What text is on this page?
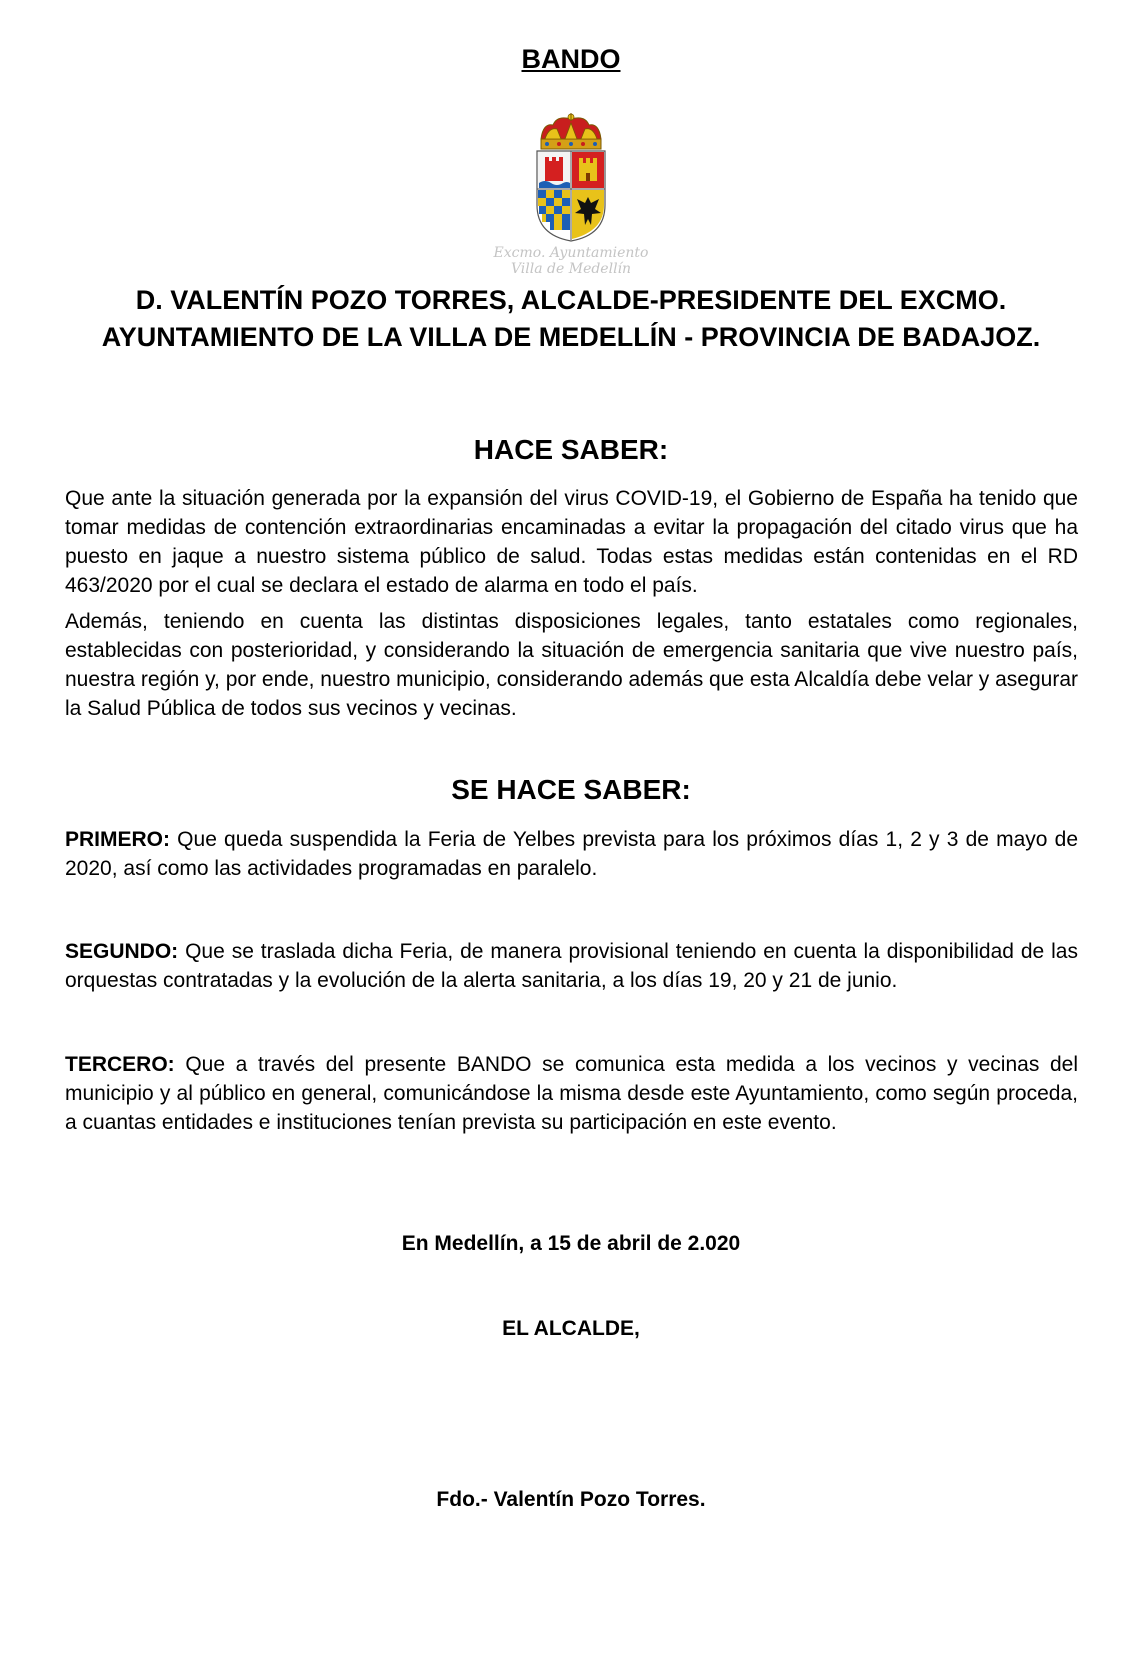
BANDO
Excmo. Ayuntamiento
Villa de Medellín
D. VALENTÍN POZO TORRES, ALCALDE-PRESIDENTE DEL EXCMO. AYUNTAMIENTO DE LA VILLA DE MEDELLÍN - PROVINCIA DE BADAJOZ.
HACE SABER:

Que ante la situación generada por la expansión del virus COVID-19, el Gobierno de España ha tenido que tomar medidas de contención extraordinarias encaminadas a evitar la propagación del citado virus que ha puesto en jaque a nuestro sistema público de salud. Todas estas medidas están contenidas en el RD 463/2020 por el cual se declara el estado de alarma en todo el país.

Además, teniendo en cuenta las distintas disposiciones legales, tanto estatales como regionales, establecidas con posterioridad, y considerando la situación de emergencia sanitaria que vive nuestro país, nuestra región y, por ende, nuestro municipio, considerando además que esta Alcaldía debe velar y asegurar la Salud Pública de todos sus vecinos y vecinas.

SE HACE SABER:

PRIMERO: Que queda suspendida la Feria de Yelbes prevista para los próximos días 1, 2 y 3 de mayo de 2020, así como las actividades programadas en paralelo.

SEGUNDO: Que se traslada dicha Feria, de manera provisional teniendo en cuenta la disponibilidad de las orquestas contratadas y la evolución de la alerta sanitaria, a los días 19, 20 y 21 de junio.

TERCERO: Que a través del presente BANDO se comunica esta medida a los vecinos y vecinas del municipio y al público en general, comunicándose la misma desde este Ayuntamiento, como según proceda, a cuantas entidades e instituciones tenían prevista su participación en este evento.

En Medellín, a 15 de abril de 2.020
EL ALCALDE,
Fdo.- Valentín Pozo Torres.
